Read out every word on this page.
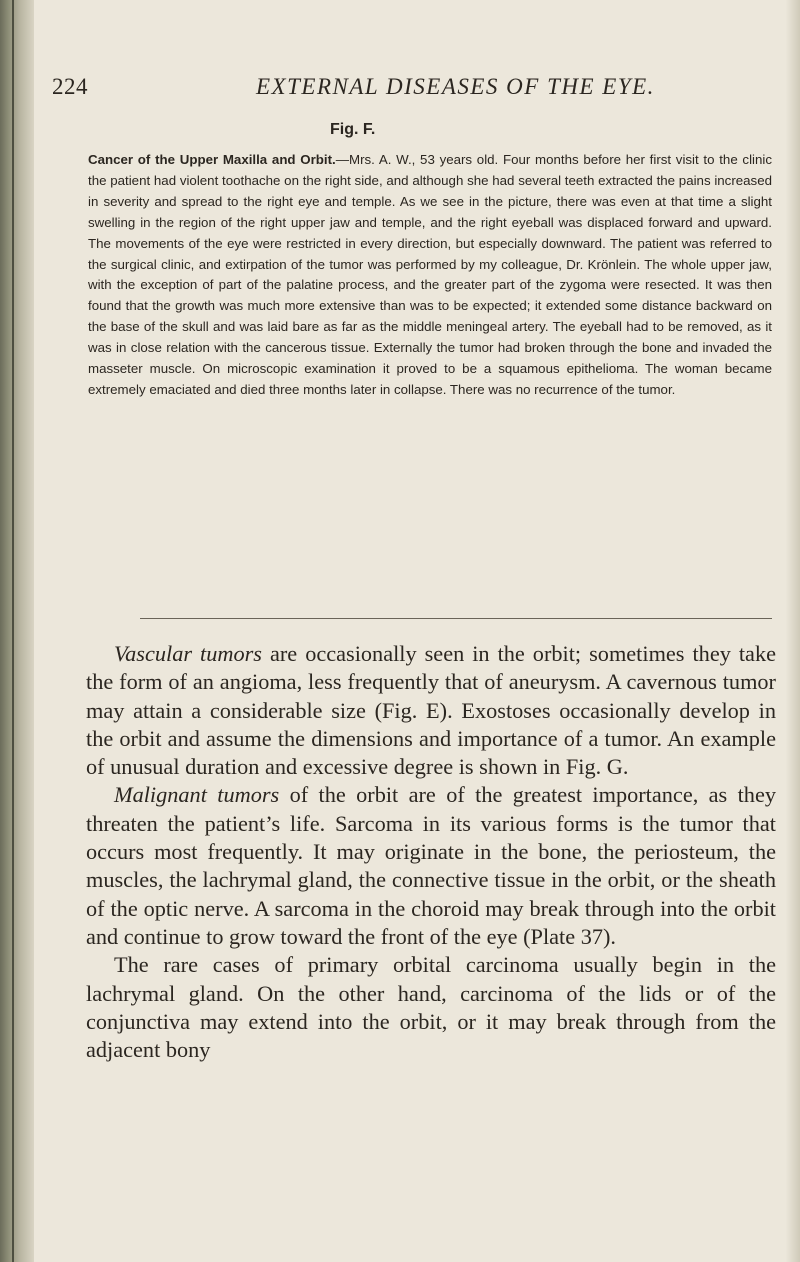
224	EXTERNAL DISEASES OF THE EYE.
Fig. F.
Cancer of the Upper Maxilla and Orbit.—Mrs. A. W., 53 years old. Four months before her first visit to the clinic the patient had violent toothache on the right side, and although she had several teeth extracted the pains increased in severity and spread to the right eye and temple. As we see in the picture, there was even at that time a slight swelling in the region of the right upper jaw and temple, and the right eyeball was displaced forward and upward. The movements of the eye were restricted in every direction, but especially downward. The patient was referred to the surgical clinic, and extirpation of the tumor was performed by my colleague, Dr. Krönlein. The whole upper jaw, with the exception of part of the palatine process, and the greater part of the zygoma were resected. It was then found that the growth was much more extensive than was to be expected; it extended some distance backward on the base of the skull and was laid bare as far as the middle meningeal artery. The eyeball had to be removed, as it was in close relation with the cancerous tissue. Externally the tumor had broken through the bone and invaded the masseter muscle. On microscopic examination it proved to be a squamous epithelioma. The woman became extremely emaciated and died three months later in collapse. There was no recurrence of the tumor.

Vascular tumors are occasionally seen in the orbit; sometimes they take the form of an angioma, less frequently that of aneurysm. A cavernous tumor may attain a considerable size (Fig. E). Exostoses occasionally develop in the orbit and assume the dimensions and importance of a tumor. An example of unusual duration and excessive degree is shown in Fig. G.

Malignant tumors of the orbit are of the greatest importance, as they threaten the patient’s life. Sarcoma in its various forms is the tumor that occurs most frequently. It may originate in the bone, the periosteum, the muscles, the lachrymal gland, the connective tissue in the orbit, or the sheath of the optic nerve. A sarcoma in the choroid may break through into the orbit and continue to grow toward the front of the eye (Plate 37).

The rare cases of primary orbital carcinoma usually begin in the lachrymal gland. On the other hand, carcinoma of the lids or of the conjunctiva may extend into the orbit, or it may break through from the adjacent bony
